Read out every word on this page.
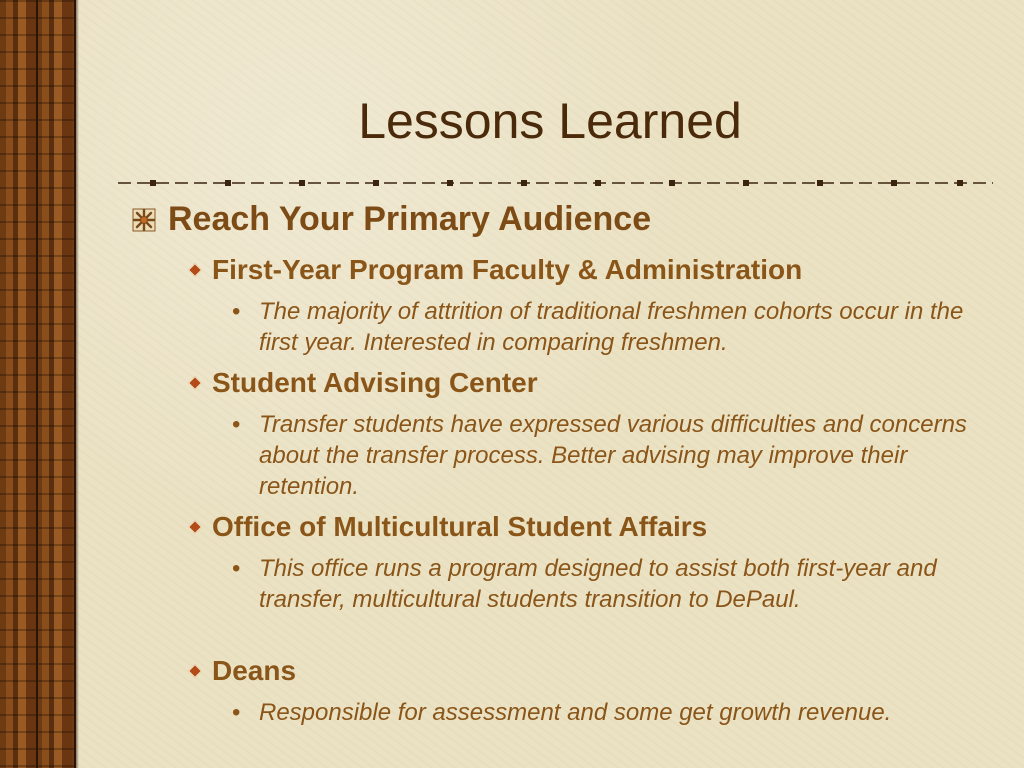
Lessons Learned
Reach Your Primary Audience
First-Year Program Faculty & Administration
• The majority of attrition of traditional freshmen cohorts occur in the first year. Interested in comparing freshmen.
Student Advising Center
• Transfer students have expressed various difficulties and concerns about the transfer process. Better advising may improve their retention.
Office of Multicultural Student Affairs
• This office runs a program designed to assist both first-year and transfer, multicultural students transition to DePaul.
Deans
• Responsible for assessment and some get growth revenue.
